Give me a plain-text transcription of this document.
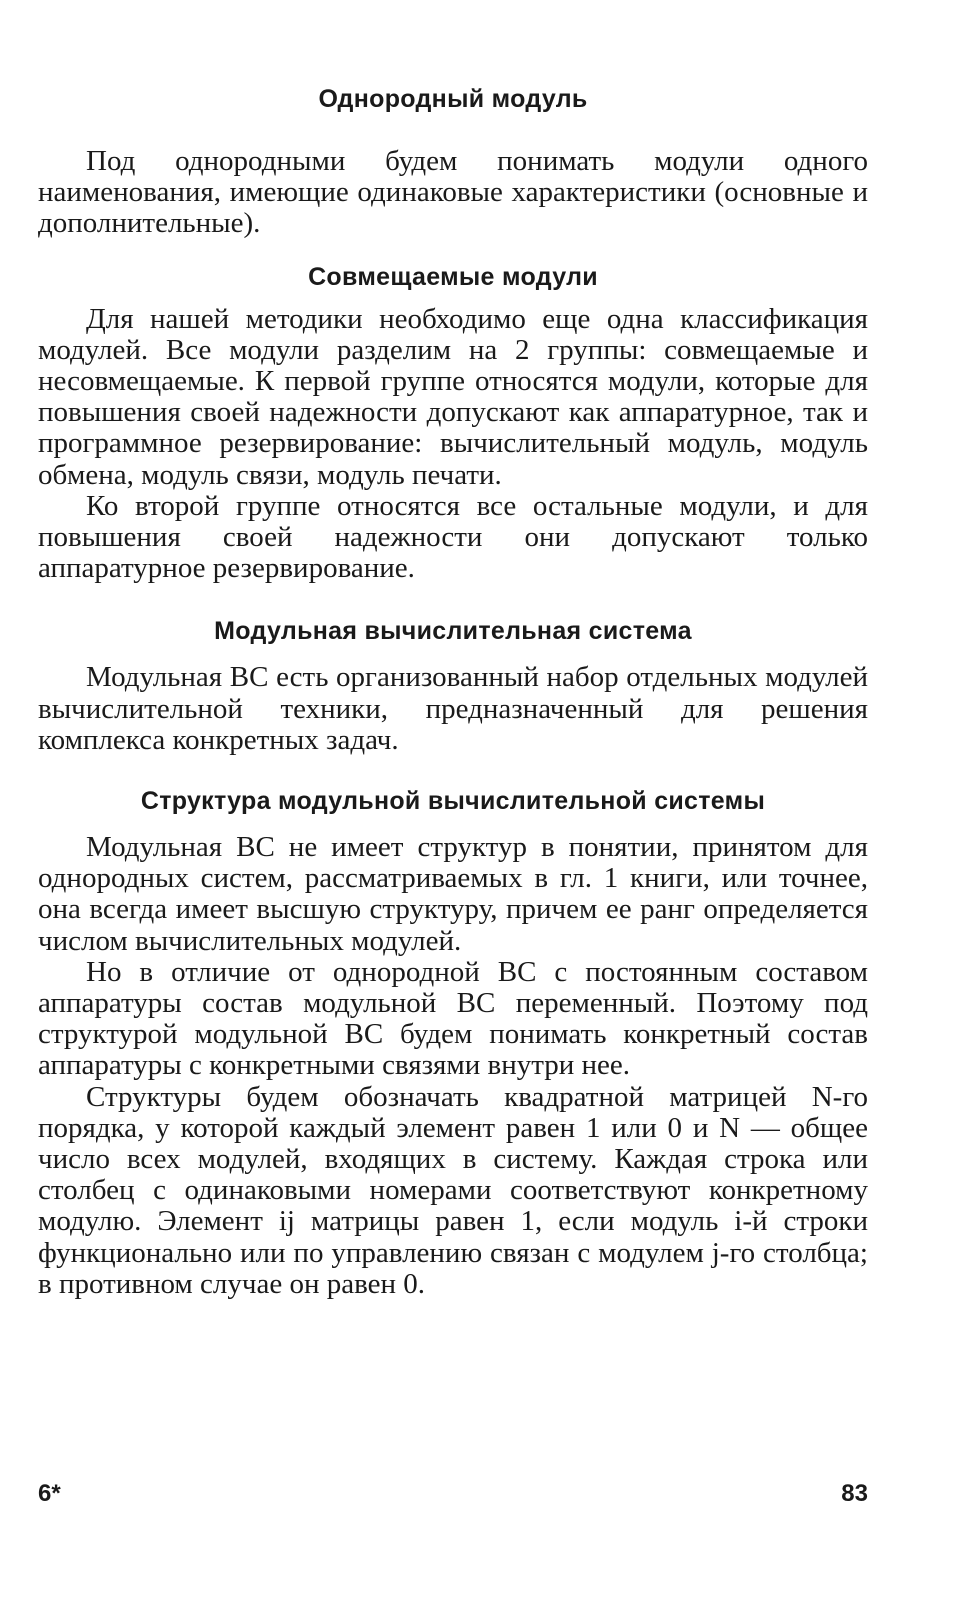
Однородный модуль

Под однородными будем понимать модули одного наименования, имеющие одинаковые характеристики (основные и дополнительные).

Совмещаемые модули

Для нашей методики необходимо еще одна классификация модулей. Все модули разделим на 2 группы: совмещаемые и несовмещаемые. К первой группе относятся модули, которые для повышения своей надежности допускают как аппаратурное, так и программное резервирование: вычислительный модуль, модуль обмена, модуль связи, модуль печати.

Ко второй группе относятся все остальные модули, и для повышения своей надежности они допускают только аппаратурное резервирование.

Модульная вычислительная система

Модульная ВС есть организованный набор отдельных модулей вычислительной техники, предназначенный для решения комплекса конкретных задач.

Структура модульной вычислительной системы

Модульная ВС не имеет структур в понятии, принятом для однородных систем, рассматриваемых в гл. 1 книги, или точнее, она всегда имеет высшую структуру, причем ее ранг определяется числом вычислительных модулей.

Но в отличие от однородной ВС с постоянным составом аппаратуры состав модульной ВС переменный. Поэтому под структурой модульной ВС будем понимать конкретный состав аппаратуры с конкретными связями внутри нее.

Структуры будем обозначать квадратной матрицей N-го порядка, у которой каждый элемент равен 1 или 0 и N — общее число всех модулей, входящих в систему. Каждая строка или столбец с одинаковыми номерами соответствуют конкретному модулю. Элемент ij матрицы равен 1, если модуль i-й строки функционально или по управлению связан с модулем j-го столбца; в противном случае он равен 0.

6*	83
